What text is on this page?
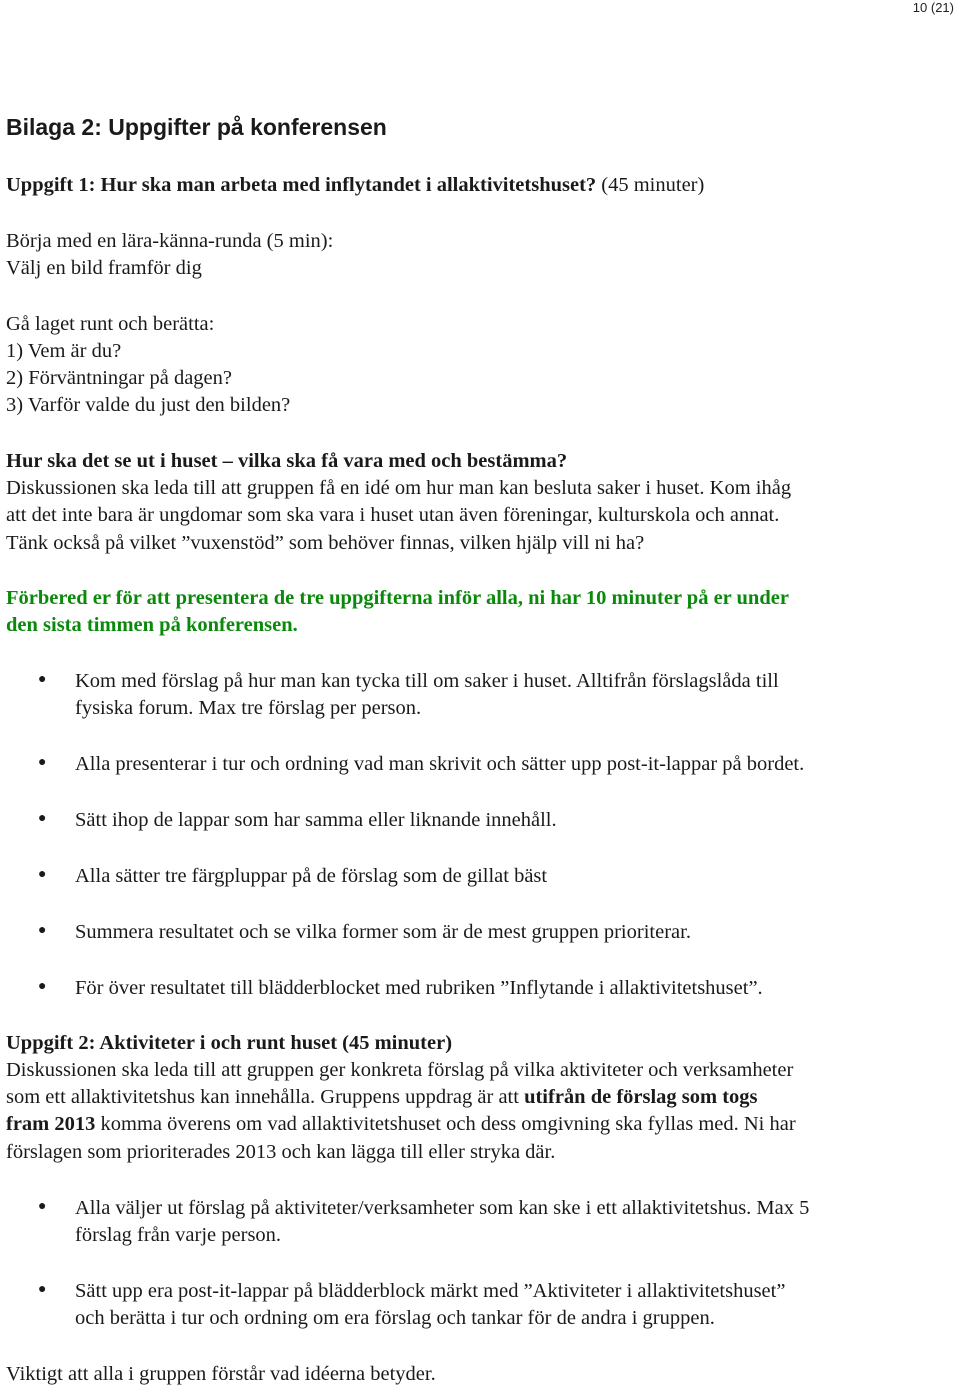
10 (21)
Bilaga 2: Uppgifter på konferensen

Uppgift 1: Hur ska man arbeta med inflytandet i allaktivitetshuset? (45 minuter)

Börja med en lära-känna-runda (5 min):

Välj en bild framför dig

Gå laget runt och berätta:

1) Vem är du?

2) Förväntningar på dagen?

3) Varför valde du just den bilden?

Hur ska det se ut i huset – vilka ska få vara med och bestämma?

Diskussionen ska leda till att gruppen få en idé om hur man kan besluta saker i huset. Kom ihåg

att det inte bara är ungdomar som ska vara i huset utan även föreningar, kulturskola och annat.

Tänk också på vilket ”vuxenstöd” som behöver finnas, vilken hjälp vill ni ha?

Förbered er för att presentera de tre uppgifterna inför alla, ni har 10 minuter på er under

den sista timmen på konferensen.

● Kom med förslag på hur man kan tycka till om saker i huset. Alltifrån förslagslåda till
fysiska forum. Max tre förslag per person.
● Alla presenterar i tur och ordning vad man skrivit och sätter upp post-it-lappar på bordet.
● Sätt ihop de lappar som har samma eller liknande innehåll.
● Alla sätter tre färgpluppar på de förslag som de gillat bäst
● Summera resultatet och se vilka former som är de mest gruppen prioriterar.
● För över resultatet till blädderblocket med rubriken ”Inflytande i allaktivitetshuset”.

Uppgift 2: Aktiviteter i och runt huset (45 minuter)

Diskussionen ska leda till att gruppen ger konkreta förslag på vilka aktiviteter och verksamheter

som ett allaktivitetshus kan innehålla. Gruppens uppdrag är att utifrån de förslag som togs

fram 2013 komma överens om vad allaktivitetshuset och dess omgivning ska fyllas med. Ni har

förslagen som prioriterades 2013 och kan lägga till eller stryka där.

● Alla väljer ut förslag på aktiviteter/verksamheter som kan ske i ett allaktivitetshus. Max 5
förslag från varje person.
● Sätt upp era post-it-lappar på blädderblock märkt med ”Aktiviteter i allaktivitetshuset”
och berätta i tur och ordning om era förslag och tankar för de andra i gruppen.

Viktigt att alla i gruppen förstår vad idéerna betyder.
